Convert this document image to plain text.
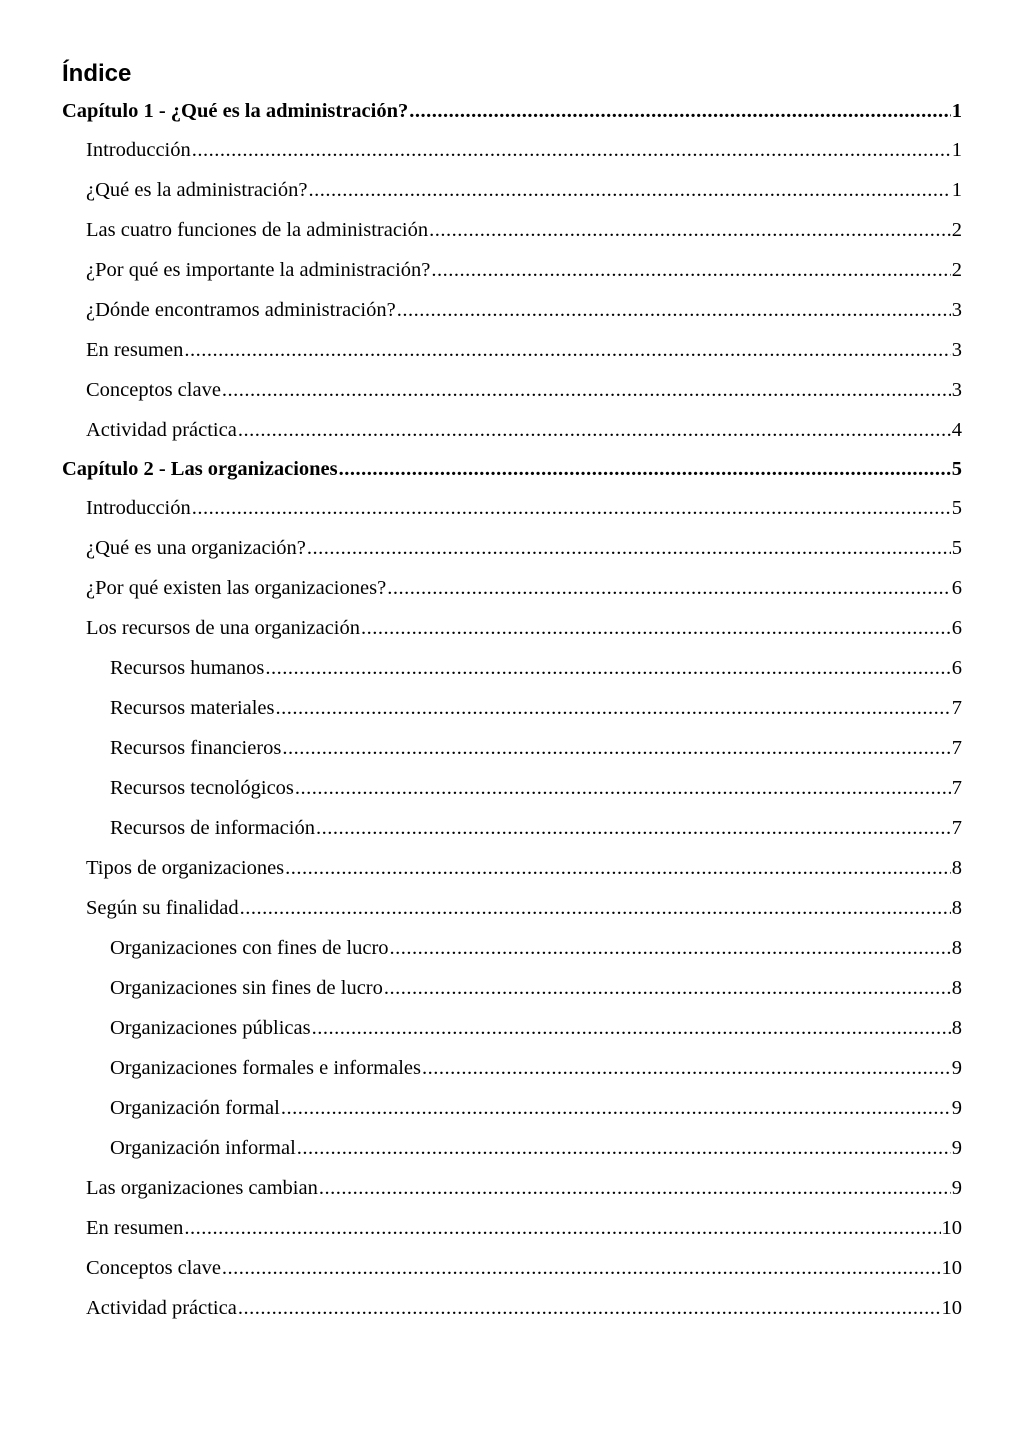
Índice
Capítulo 1 - ¿Qué es la administración? .....	1
Introducción .....	1
¿Qué es la administración? .....	1
Las cuatro funciones de la administración .....	2
¿Por qué es importante la administración? .....	2
¿Dónde encontramos administración? .....	3
En resumen .....	3
Conceptos clave .....	3
Actividad práctica .....	4
Capítulo 2 - Las organizaciones .....	5
Introducción .....	5
¿Qué es una organización? .....	5
¿Por qué existen las organizaciones? .....	6
Los recursos de una organización .....	6
Recursos humanos .....	6
Recursos materiales .....	7
Recursos financieros .....	7
Recursos tecnológicos .....	7
Recursos de información .....	7
Tipos de organizaciones .....	8
Según su finalidad .....	8
Organizaciones con fines de lucro .....	8
Organizaciones sin fines de lucro .....	8
Organizaciones públicas .....	8
Organizaciones formales e informales .....	9
Organización formal .....	9
Organización informal .....	9
Las organizaciones cambian .....	9
En resumen .....	10
Conceptos clave .....	10
Actividad práctica .....	10
